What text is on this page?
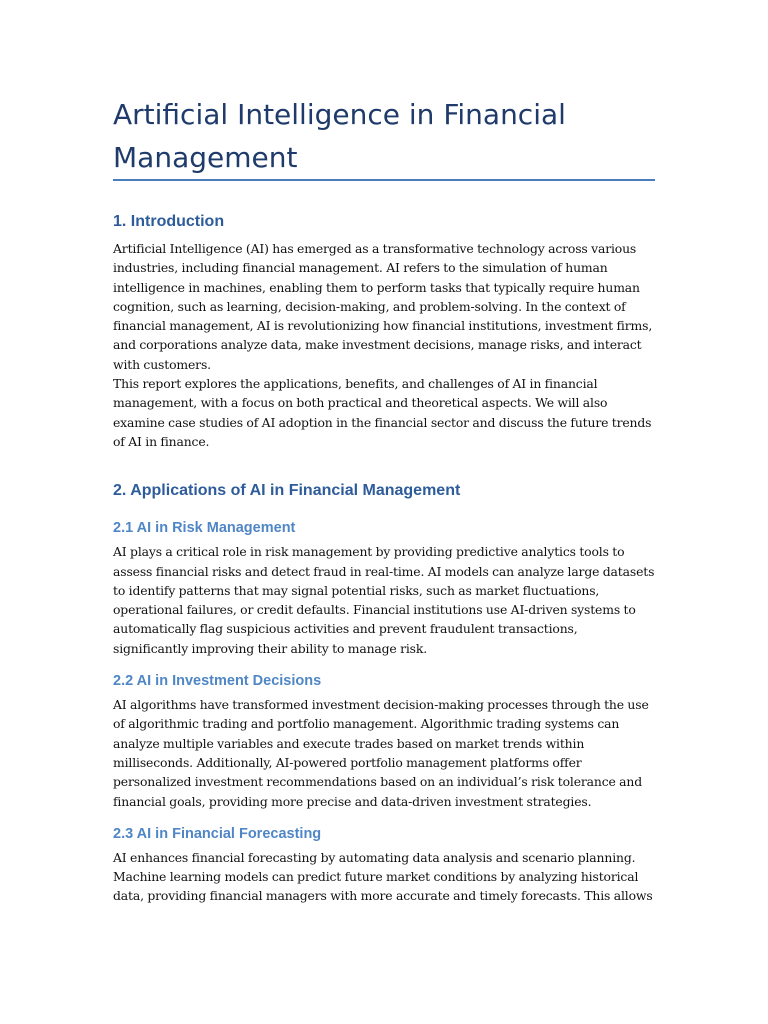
Artificial Intelligence in Financial Management
1. Introduction

Artificial Intelligence (AI) has emerged as a transformative technology across various industries, including financial management. AI refers to the simulation of human intelligence in machines, enabling them to perform tasks that typically require human cognition, such as learning, decision-making, and problem-solving. In the context of financial management, AI is revolutionizing how financial institutions, investment firms, and corporations analyze data, make investment decisions, manage risks, and interact with customers.

This report explores the applications, benefits, and challenges of AI in financial management, with a focus on both practical and theoretical aspects. We will also examine case studies of AI adoption in the financial sector and discuss the future trends of AI in finance.

2. Applications of AI in Financial Management
2.1 AI in Risk Management

AI plays a critical role in risk management by providing predictive analytics tools to assess financial risks and detect fraud in real-time. AI models can analyze large datasets to identify patterns that may signal potential risks, such as market fluctuations, operational failures, or credit defaults. Financial institutions use AI-driven systems to automatically flag suspicious activities and prevent fraudulent transactions, significantly improving their ability to manage risk.

2.2 AI in Investment Decisions

AI algorithms have transformed investment decision-making processes through the use of algorithmic trading and portfolio management. Algorithmic trading systems can analyze multiple variables and execute trades based on market trends within milliseconds. Additionally, AI-powered portfolio management platforms offer personalized investment recommendations based on an individual’s risk tolerance and financial goals, providing more precise and data-driven investment strategies.

2.3 AI in Financial Forecasting

AI enhances financial forecasting by automating data analysis and scenario planning. Machine learning models can predict future market conditions by analyzing historical data, providing financial managers with more accurate and timely forecasts. This allows
